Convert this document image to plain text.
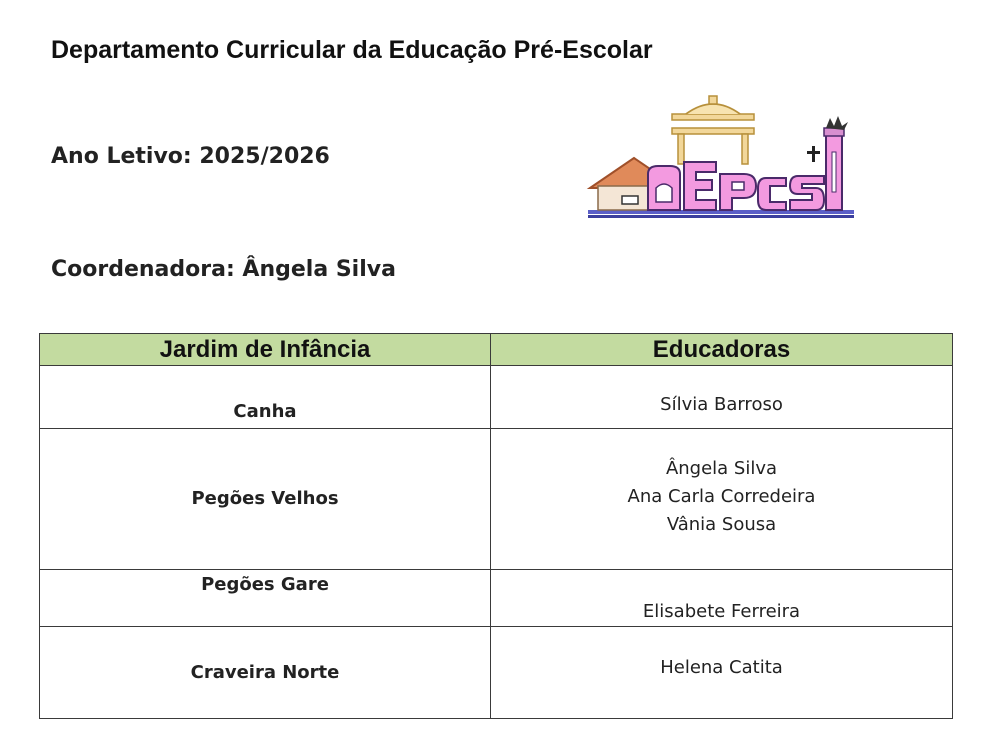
Departamento Curricular da Educação Pré-Escolar
Ano Letivo: 2025/2026
Coordenadora: Ângela Silva
Jardim de Infância	Educadoras
Canha	Sílvia Barroso

Pegões Velhos	Ângela Silva
Ana Carla Corredeira
Vânia Sousa

Pegões Gare	Elisabete Ferreira

Craveira Norte	Helena Catita
